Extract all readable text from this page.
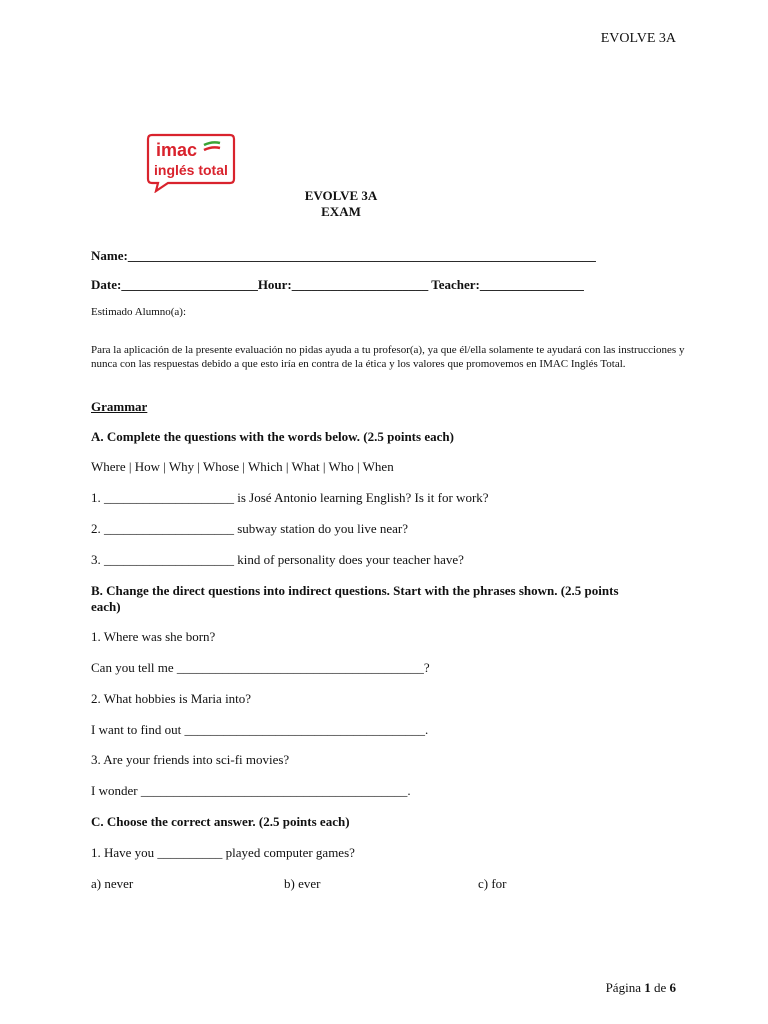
EVOLVE 3A
imac
inglés total
EVOLVE 3A
EXAM
Name:________________________________________________________________________
Date:_____________________Hour:_____________________ Teacher:________________
Estimado Alumno(a):
Para la aplicación de la presente evaluación no pidas ayuda a tu profesor(a), ya que él/ella solamente te ayudará con las instrucciones y nunca con las respuestas debido a que esto iría en contra de la ética y los valores que promovemos en IMAC Inglés Total.
Grammar
A. Complete the questions with the words below. (2.5 points each)
Where | How | Why | Whose | Which | What | Who | When
1. ____________________ is José Antonio learning English? Is it for work?
2. ____________________ subway station do you live near?
3. ____________________ kind of personality does your teacher have?
B. Change the direct questions into indirect questions. Start with the phrases shown. (2.5 points
each)
1. Where was she born?
Can you tell me ______________________________________?
2. What hobbies is Maria into?
I want to find out _____________________________________.
3. Are your friends into sci-fi movies?
I wonder _________________________________________.
C. Choose the correct answer. (2.5 points each)
1. Have you __________ played computer games?
a) never	b) ever	c) for
Página 1 de 6
